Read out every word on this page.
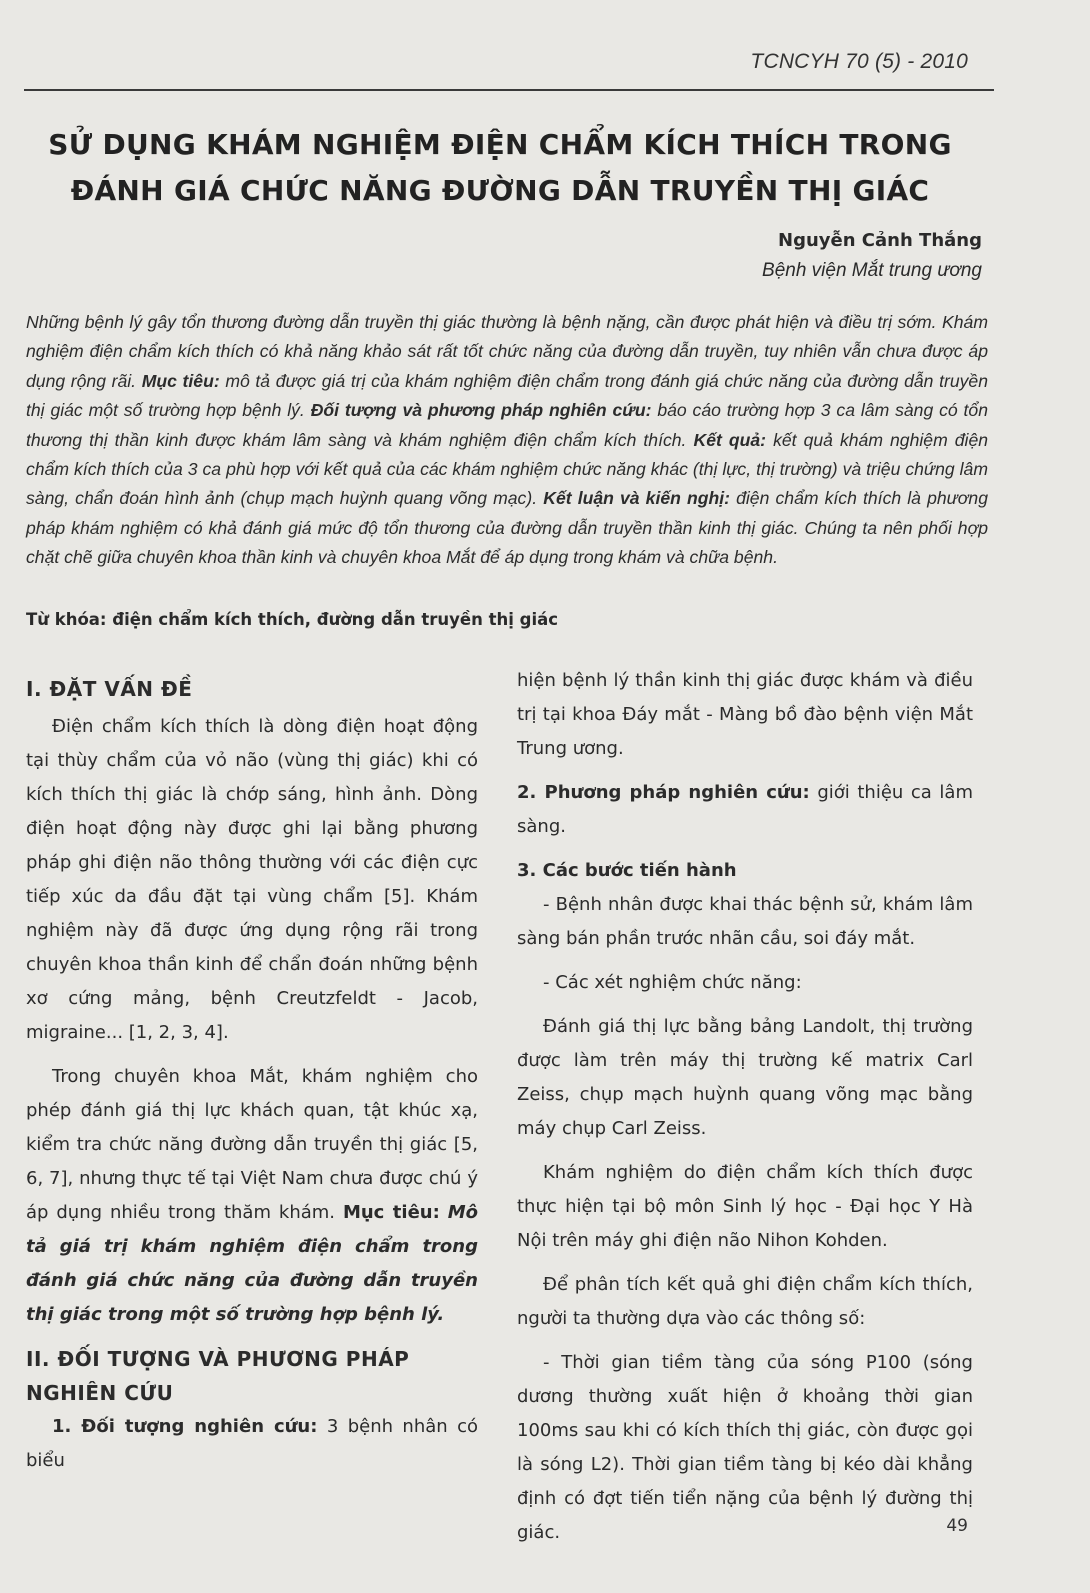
TCNCYH 70 (5) - 2010
SỬ DỤNG KHÁM NGHIỆM ĐIỆN CHẨM KÍCH THÍCH TRONG
ĐÁNH GIÁ CHỨC NĂNG ĐƯỜNG DẪN TRUYỀN THỊ GIÁC
Nguyễn Cảnh Thắng
Bệnh viện Mắt trung ương
Những bệnh lý gây tổn thương đường dẫn truyền thị giác thường là bệnh nặng, cần được phát hiện và điều trị sớm. Khám nghiệm điện chẩm kích thích có khả năng khảo sát rất tốt chức năng của đường dẫn truyền, tuy nhiên vẫn chưa được áp dụng rộng rãi. Mục tiêu: mô tả được giá trị của khám nghiệm điện chẩm trong đánh giá chức năng của đường dẫn truyền thị giác một số trường hợp bệnh lý. Đối tượng và phương pháp nghiên cứu: báo cáo trường hợp 3 ca lâm sàng có tổn thương thị thần kinh được khám lâm sàng và khám nghiệm điện chẩm kích thích. Kết quả: kết quả khám nghiệm điện chẩm kích thích của 3 ca phù hợp với kết quả của các khám nghiệm chức năng khác (thị lực, thị trường) và triệu chứng lâm sàng, chẩn đoán hình ảnh (chụp mạch huỳnh quang võng mạc). Kết luận và kiến nghị: điện chẩm kích thích là phương pháp khám nghiệm có khả đánh giá mức độ tổn thương của đường dẫn truyền thần kinh thị giác. Chúng ta nên phối hợp chặt chẽ giữa chuyên khoa thần kinh và chuyên khoa Mắt để áp dụng trong khám và chữa bệnh.
Từ khóa: điện chẩm kích thích, đường dẫn truyền thị giác
I. ĐẶT VẤN ĐỀ

Điện chẩm kích thích là dòng điện hoạt động tại thùy chẩm của vỏ não (vùng thị giác) khi có kích thích thị giác là chớp sáng, hình ảnh. Dòng điện hoạt động này được ghi lại bằng phương pháp ghi điện não thông thường với các điện cực tiếp xúc da đầu đặt tại vùng chẩm [5]. Khám nghiệm này đã được ứng dụng rộng rãi trong chuyên khoa thần kinh để chẩn đoán những bệnh xơ cứng mảng, bệnh Creutzfeldt - Jacob, migraine... [1, 2, 3, 4].

Trong chuyên khoa Mắt, khám nghiệm cho phép đánh giá thị lực khách quan, tật khúc xạ, kiểm tra chức năng đường dẫn truyền thị giác [5, 6, 7], nhưng thực tế tại Việt Nam chưa được chú ý áp dụng nhiều trong thăm khám. Mục tiêu: Mô tả giá trị khám nghiệm điện chẩm trong đánh giá chức năng của đường dẫn truyền thị giác trong một số trường hợp bệnh lý.

II. ĐỐI TƯỢNG VÀ PHƯƠNG PHÁP
NGHIÊN CỨU

1. Đối tượng nghiên cứu: 3 bệnh nhân có biểu

hiện bệnh lý thần kinh thị giác được khám và điều trị tại khoa Đáy mắt - Màng bồ đào bệnh viện Mắt Trung ương.

2. Phương pháp nghiên cứu: giới thiệu ca lâm sàng.

3. Các bước tiến hành

- Bệnh nhân được khai thác bệnh sử, khám lâm sàng bán phần trước nhãn cầu, soi đáy mắt.

- Các xét nghiệm chức năng:

Đánh giá thị lực bằng bảng Landolt, thị trường được làm trên máy thị trường kế matrix Carl Zeiss, chụp mạch huỳnh quang võng mạc bằng máy chụp Carl Zeiss.

Khám nghiệm do điện chẩm kích thích được thực hiện tại bộ môn Sinh lý học - Đại học Y Hà Nội trên máy ghi điện não Nihon Kohden.

Để phân tích kết quả ghi điện chẩm kích thích, người ta thường dựa vào các thông số:

- Thời gian tiềm tàng của sóng P100 (sóng dương thường xuất hiện ở khoảng thời gian 100ms sau khi có kích thích thị giác, còn được gọi là sóng L2). Thời gian tiềm tàng bị kéo dài khẳng định có đợt tiến tiển nặng của bệnh lý đường thị giác.	49
